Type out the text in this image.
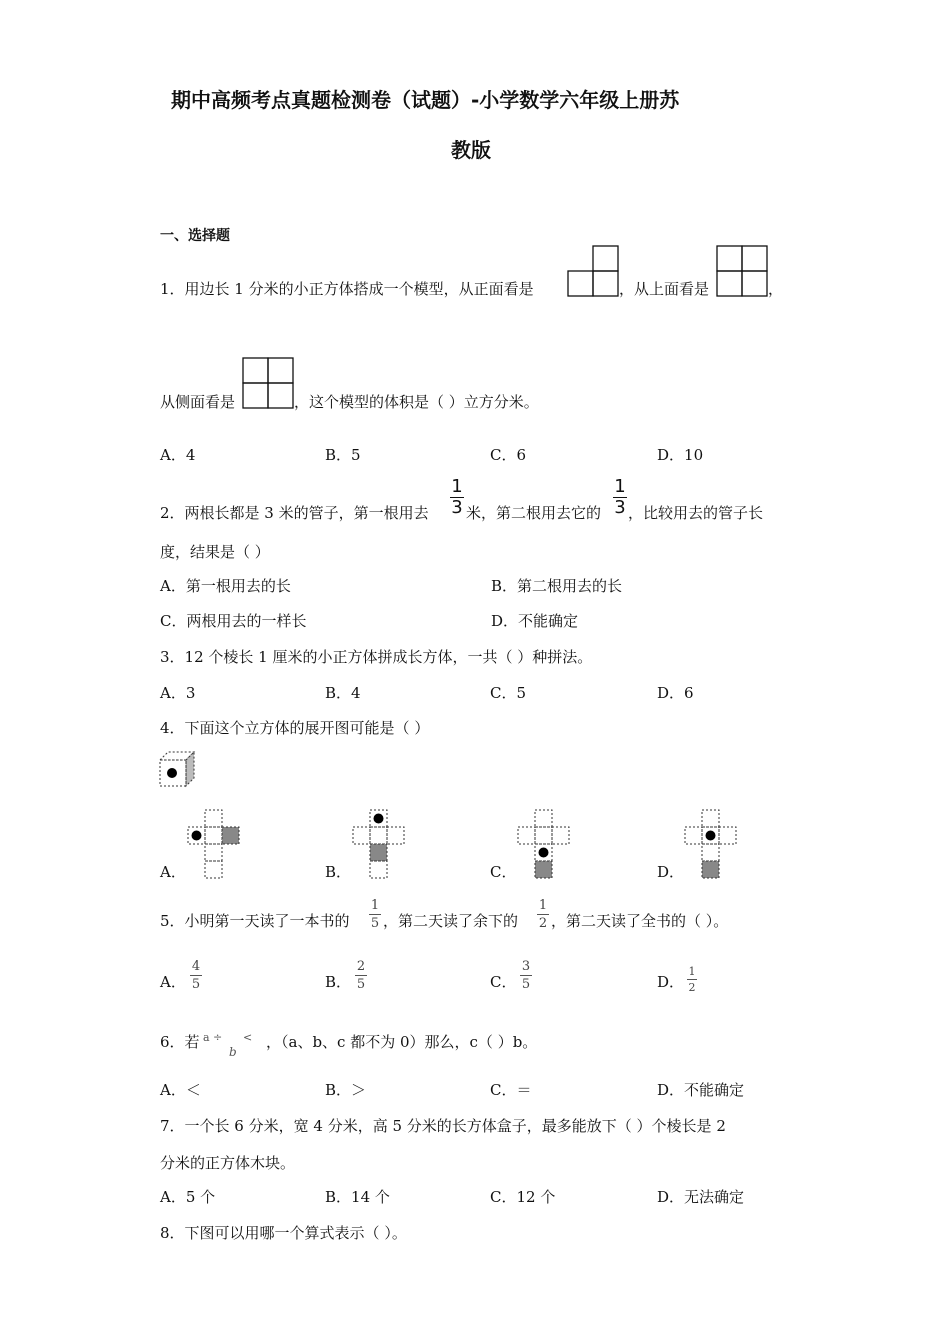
期中高频考点真题检测卷（试题）-小学数学六年级上册苏
教版
一、选择题
1．用边长 1 分米的小正方体搭成一个模型，从正面看是	，从上面看是	，
从侧面看是	，这个模型的体积是（ ）立方分米。
A．4	B．5	C．6	D．10
2．两根长都是 3 米的管子，第一根用去
1
3 米，第二根用去它的
1
3 ，比较用去的管子长
度，结果是（ ）
A．第一根用去的长	B．第二根用去的长
C．两根用去的一样长	D．不能确定
3．12 个棱长 1 厘米的小正方体拼成长方体，一共（ ）种拼法。
A．3	B．4	C．5	D．6
4．下面这个立方体的展开图可能是（ ）
A．	B．	C．	D．
5．小明第一天读了一本书的
1
5 ，第二天读了余下的
1
2 ，第二天读了全书的（ ）。
A．
4
5	B．
2
5	C．
3
5	D．
1
2
6．若 a ÷
b
< ，（a、b、c 都不为 0）那么，c（ ）b。
A．＜	B．＞	C．＝	D．不能确定
7．一个长 6 分米，宽 4 分米，高 5 分米的长方体盒子，最多能放下（ ）个棱长是 2
分米的正方体木块。
A．5 个	B．14 个	C．12 个	D．无法确定
8．下图可以用哪一个算式表示（ ）。
